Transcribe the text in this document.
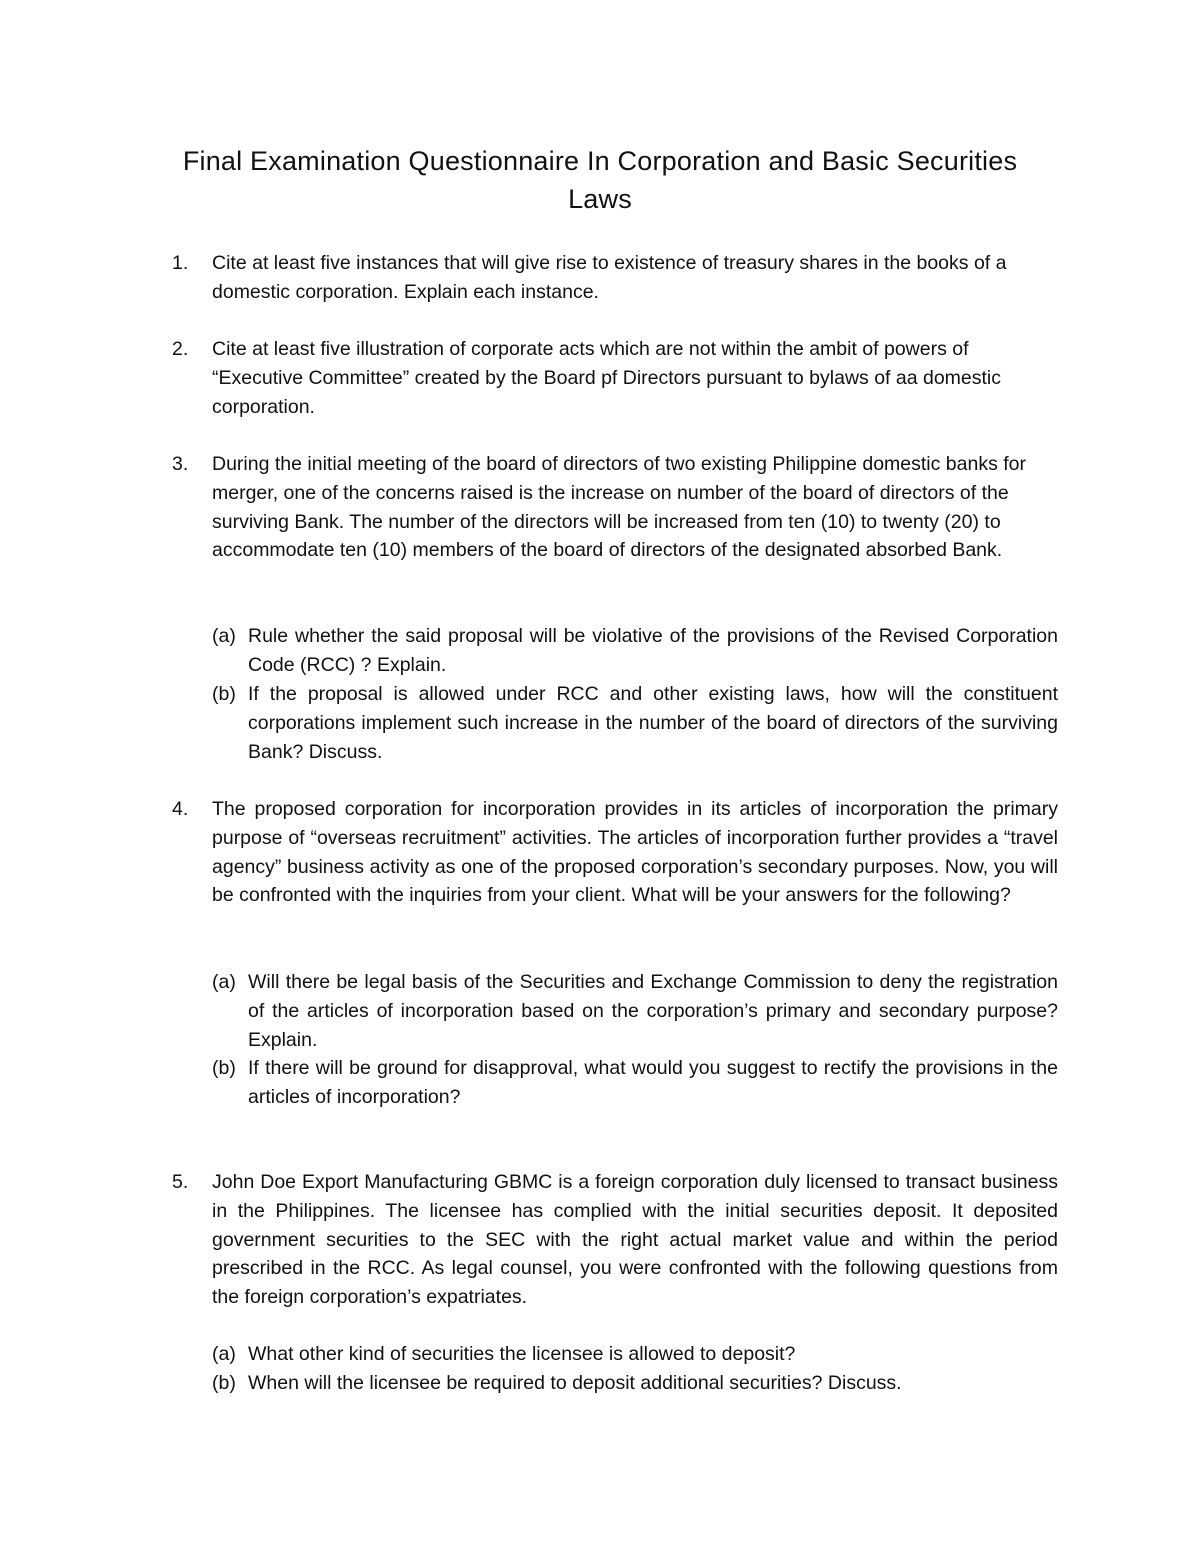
Final Examination Questionnaire In Corporation and Basic Securities Laws
1.	Cite at least five instances that will give rise to existence of treasury shares in the books of a domestic corporation. Explain each instance.
2.	Cite at least five illustration of corporate acts which are not within the ambit of powers of “Executive Committee” created by the Board pf Directors pursuant to bylaws of aa domestic corporation.
3.	During the initial meeting of the board of directors of two existing Philippine domestic banks for merger, one of the concerns raised is the increase on number of the board of directors of the surviving Bank. The number of the directors will be increased from ten (10) to twenty (20) to accommodate ten (10) members of the board of directors of the designated absorbed Bank.
(a) Rule whether the said proposal will be violative of the provisions of the Revised Corporation Code (RCC) ? Explain.
(b) If the proposal is allowed under RCC and other existing laws, how will the constituent corporations implement such increase in the number of the board of directors of the surviving Bank? Discuss.
4.	The proposed corporation for incorporation provides in its articles of incorporation the primary purpose of “overseas recruitment” activities. The articles of incorporation further provides a “travel agency” business activity as one of the proposed corporation’s secondary purposes. Now, you will be confronted with the inquiries from your client. What will be your answers for the following?
(a) Will there be legal basis of the Securities and Exchange Commission to deny the registration of the articles of incorporation based on the corporation’s primary and secondary purpose? Explain.
(b) If there will be ground for disapproval, what would you suggest to rectify the provisions in the articles of incorporation?
5.	John Doe Export Manufacturing GBMC is a foreign corporation duly licensed to transact business in the Philippines. The licensee has complied with the initial securities deposit. It deposited government securities to the SEC with the right actual market value and within the period prescribed in the RCC. As legal counsel, you were confronted with the following questions from the foreign corporation’s expatriates.
(a) What other kind of securities the licensee is allowed to deposit?
(b) When will the licensee be required to deposit additional securities? Discuss.
